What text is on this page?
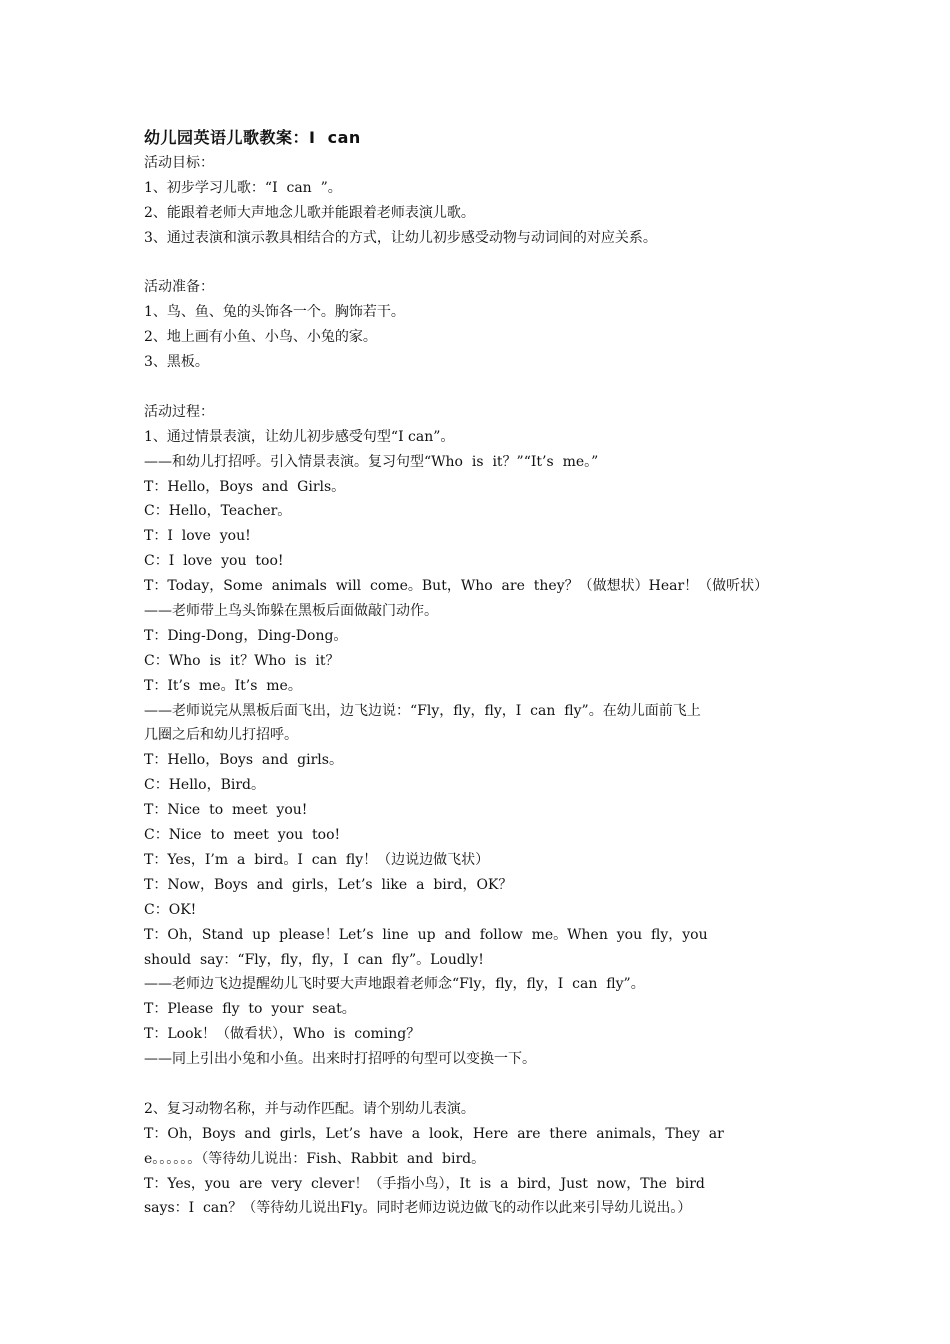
幼儿园英语儿歌教案：I  can
活动目标：
1、初步学习儿歌：“I  can  ”。
2、能跟着老师大声地念儿歌并能跟着老师表演儿歌。
3、通过表演和演示教具相结合的方式，让幼儿初步感受动物与动词间的对应关系。
活动准备：
1、鸟、鱼、兔的头饰各一个。胸饰若干。
2、地上画有小鱼、小鸟、小兔的家。
3、黑板。
活动过程：
1、通过情景表演，让幼儿初步感受句型“I can”。
——和幼儿打招呼。引入情景表演。复习句型“Who  is  it？”“It’s  me。”
T：Hello，Boys  and  Girls。
C：Hello，Teacher。
T：I  love  you!
C：I  love  you  too!
T：Today，Some  animals  will  come。But，Who  are  they？（做想状）Hear！（做听状）
——老师带上鸟头饰躲在黑板后面做敲门动作。
T：Ding-Dong，Ding-Dong。
C：Who  is  it？Who  is  it？
T：It’s  me。It’s  me。
——老师说完从黑板后面飞出，边飞边说：“Fly，fly，fly，I  can  fly”。在幼儿面前飞上
几圈之后和幼儿打招呼。
T：Hello，Boys  and  girls。
C：Hello，Bird。
T：Nice  to  meet  you!
C：Nice  to  meet  you  too!
T：Yes，I’m  a  bird。I  can  fly！（边说边做飞状）
T：Now，Boys  and  girls，Let’s  like  a  bird，OK？
C：OK!
T：Oh，Stand  up  please！Let’s  line  up  and  follow  me。When  you  fly，you
should  say：“Fly，fly，fly，I  can  fly”。Loudly!
——老师边飞边提醒幼儿飞时要大声地跟着老师念“Fly，fly，fly，I  can  fly”。
T：Please  fly  to  your  seat。
T：Look！（做看状），Who  is  coming？
——同上引出小兔和小鱼。出来时打招呼的句型可以变换一下。
2、复习动物名称，并与动作匹配。请个别幼儿表演。
T：Oh，Boys  and  girls，Let’s  have  a  look，Here  are  there  animals，They  ar
e。。。。。。（等待幼儿说出：Fish、Rabbit  and  bird。
T：Yes，you  are  very  clever！（手指小鸟），It  is  a  bird，Just  now，The  bird
says：I  can？（等待幼儿说出Fly。同时老师边说边做飞的动作以此来引导幼儿说出。）
